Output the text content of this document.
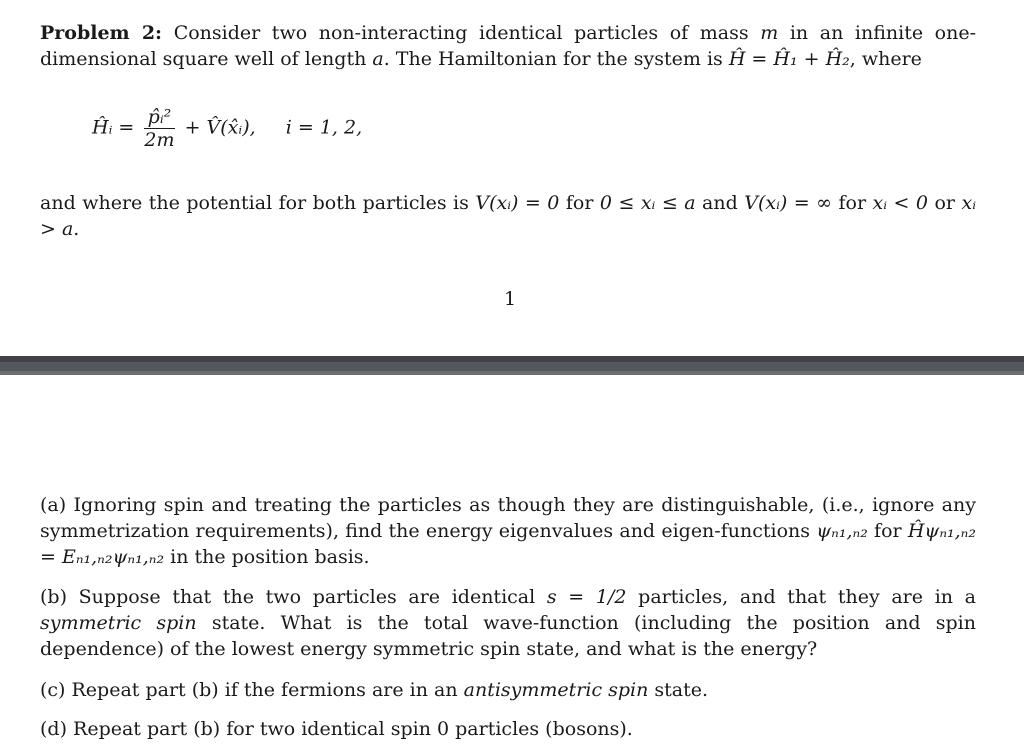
Problem 2: Consider two non-interacting identical particles of mass m in an infinite one-dimensional square well of length a. The Hamiltonian for the system is Ĥ = Ĥ₁ + Ĥ₂, where
Ĥᵢ = $\frac{\text{p̂ᵢ²}}{2m}$ + V̂(x̂ᵢ), i = 1, 2,
and where the potential for both particles is V(xᵢ) = 0 for 0 ≤ xᵢ ≤ a and V(xᵢ) = ∞ for xᵢ < 0 or xᵢ > a.
1
(a) Ignoring spin and treating the particles as though they are distinguishable, (i.e., ignore any symmetrization requirements), find the energy eigenvalues and eigen-functions ψₙ₁,ₙ₂ for Ĥψₙ₁,ₙ₂ = Eₙ₁,ₙ₂ψₙ₁,ₙ₂ in the position basis.
(b) Suppose that the two particles are identical s = 1/2 particles, and that they are in a symmetric spin state. What is the total wave-function (including the position and spin dependence) of the lowest energy symmetric spin state, and what is the energy?
(c) Repeat part (b) if the fermions are in an antisymmetric spin state.
(d) Repeat part (b) for two identical spin 0 particles (bosons).
